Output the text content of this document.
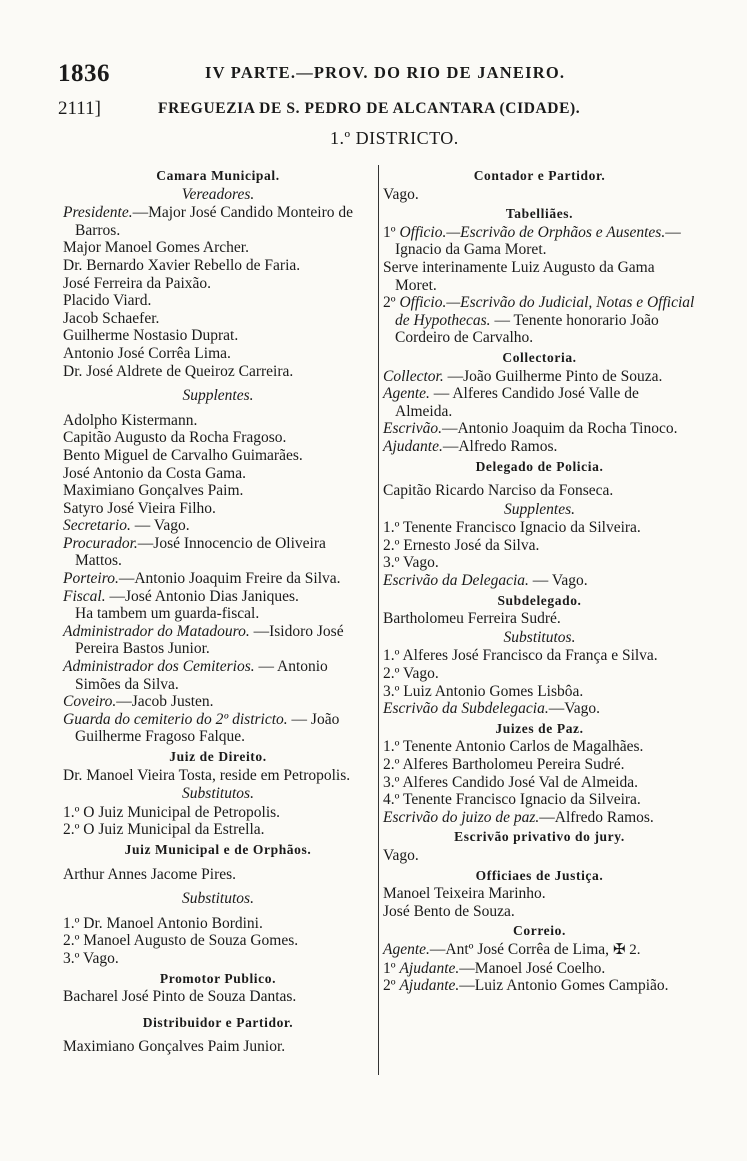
1836	IV PARTE.—PROV. DO RIO DE JANEIRO.
2111]	FREGUEZIA DE S. PEDRO DE ALCANTARA (CIDADE).
1.º DISTRICTO.
Camara Municipal.
Vereadores.
Presidente.—Major José Candido Monteiro de Barros.
Major Manoel Gomes Archer.
Dr. Bernardo Xavier Rebello de Faria.
José Ferreira da Paixão.
Placido Viard.
Jacob Schaefer.
Guilherme Nostasio Duprat.
Antonio José Corrêa Lima.
Dr. José Aldrete de Queiroz Carreira.
Supplentes.
Adolpho Kistermann.
Capitão Augusto da Rocha Fragoso.
Bento Miguel de Carvalho Guimarães.
José Antonio da Costa Gama.
Maximiano Gonçalves Paim.
Satyro José Vieira Filho.
Secretario. — Vago.
Procurador.—José Innocencio de Oliveira Mattos.
Porteiro.—Antonio Joaquim Freire da Silva.
Fiscal. —José Antonio Dias Janiques.
Ha tambem um guarda-fiscal.
Administrador do Matadouro. —Isidoro José Pereira Bastos Junior.
Administrador dos Cemiterios. — Antonio Simões da Silva.
Coveiro.—Jacob Justen.
Guarda do cemiterio do 2º districto. — João Guilherme Fragoso Falque.
Juiz de Direito.
Dr. Manoel Vieira Tosta, reside em Petropolis.
Substitutos.
1.º O Juiz Municipal de Petropolis.
2.º O Juiz Municipal da Estrella.
Juiz Municipal e de Orphãos.
Arthur Annes Jacome Pires.
Substitutos.
1.º Dr. Manoel Antonio Bordini.
2.º Manoel Augusto de Souza Gomes.
3.º Vago.
Promotor Publico.
Bacharel José Pinto de Souza Dantas.
Distribuidor e Partidor.
Maximiano Gonçalves Paim Junior.
Contador e Partidor.
Vago.
Tabelliães.
1º Officio.—Escrivão de Orphãos e Ausentes.—Ignacio da Gama Moret.
Serve interinamente Luiz Augusto da Gama Moret.
2º Officio.—Escrivão do Judicial, Notas e Official de Hypothecas. — Tenente honorario João Cordeiro de Carvalho.
Collectoria.
Collector. —João Guilherme Pinto de Souza.
Agente. — Alferes Candido José Valle de Almeida.
Escrivão.—Antonio Joaquim da Rocha Tinoco.
Ajudante.—Alfredo Ramos.
Delegado de Policia.
Capitão Ricardo Narciso da Fonseca.
Supplentes.
1.º Tenente Francisco Ignacio da Silveira.
2.º Ernesto José da Silva.
3.º Vago.
Escrivão da Delegacia. — Vago.
Subdelegado.
Bartholomeu Ferreira Sudré.
Substitutos.
1.º Alferes José Francisco da França e Silva.
2.º Vago.
3.º Luiz Antonio Gomes Lisbôa.
Escrivão da Subdelegacia.—Vago.
Juizes de Paz.
1.º Tenente Antonio Carlos de Magalhães.
2.º Alferes Bartholomeu Pereira Sudré.
3.º Alferes Candido José Val de Almeida.
4.º Tenente Francisco Ignacio da Silveira.
Escrivão do juizo de paz.—Alfredo Ramos.
Escrivão privativo do jury.
Vago.
Officiaes de Justiça.
Manoel Teixeira Marinho.
José Bento de Souza.
Correio.
Agente.—Antº José Corrêa de Lima, ✠ 2.
1º Ajudante.—Manoel José Coelho.
2º Ajudante.—Luiz Antonio Gomes Campião.
